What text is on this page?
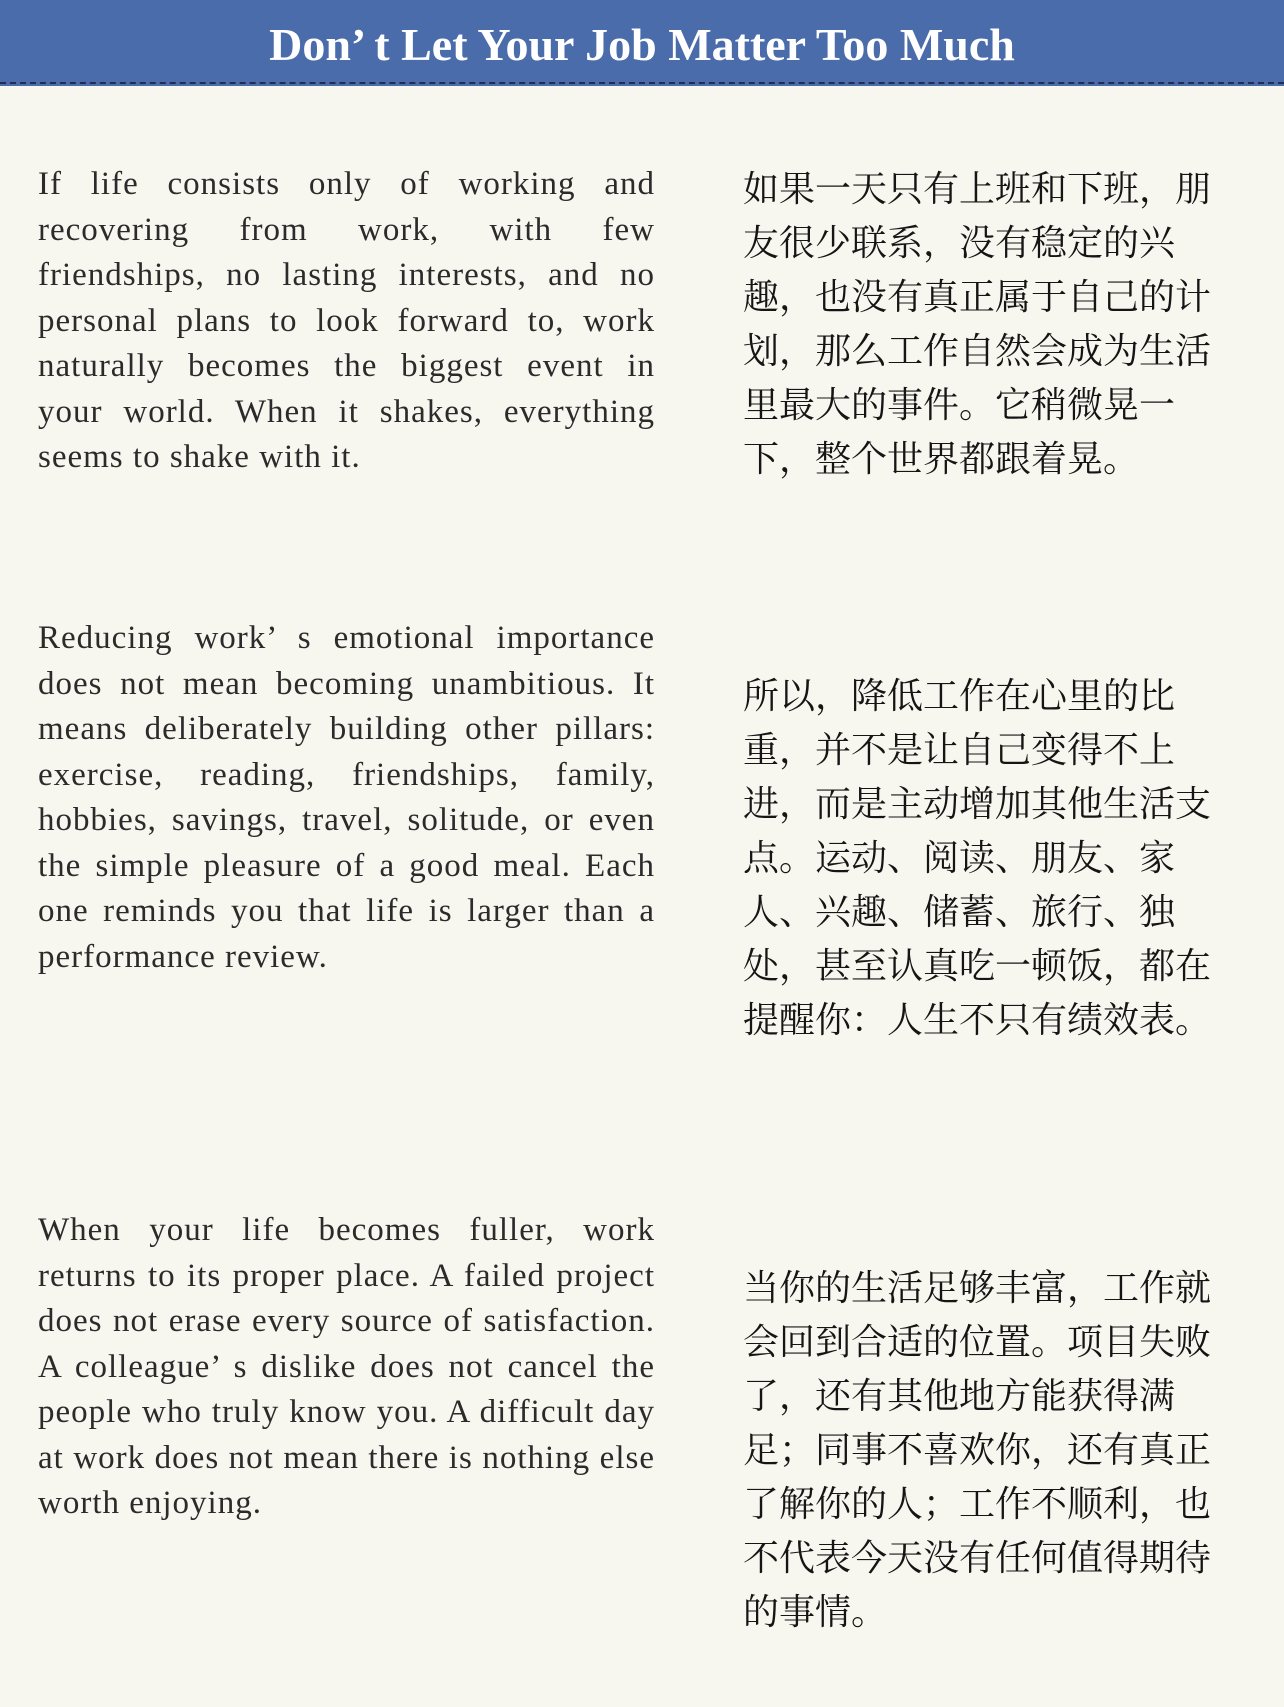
Don’ t Let Your Job Matter Too Much

If life consists only of working and recovering from work, with few friendships, no lasting interests, and no personal plans to look forward to, work naturally becomes the biggest event in your world. When it shakes, everything seems to shake with it.

如果一天只有上班和下班，朋友很少联系，没有稳定的兴趣，也没有真正属于自己的计划，那么工作自然会成为生活里最大的事件。它稍微晃一下，整个世界都跟着晃。

Reducing work’ s emotional importance does not mean becoming unambitious. It means deliberately building other pillars: exercise, reading, friendships, family, hobbies, savings, travel, solitude, or even the simple pleasure of a good meal. Each one reminds you that life is larger than a performance review.

所以，降低工作在心里的比重，并不是让自己变得不上进，而是主动增加其他生活支点。运动、阅读、朋友、家人、兴趣、储蓄、旅行、独处，甚至认真吃一顿饭，都在提醒你：人生不只有绩效表。

When your life becomes fuller, work returns to its proper place. A failed project does not erase every source of satisfaction. A colleague’ s dislike does not cancel the people who truly know you. A difficult day at work does not mean there is nothing else worth enjoying.

当你的生活足够丰富，工作就会回到合适的位置。项目失败了，还有其他地方能获得满足；同事不喜欢你，还有真正了解你的人；工作不顺利，也不代表今天没有任何值得期待的事情。
